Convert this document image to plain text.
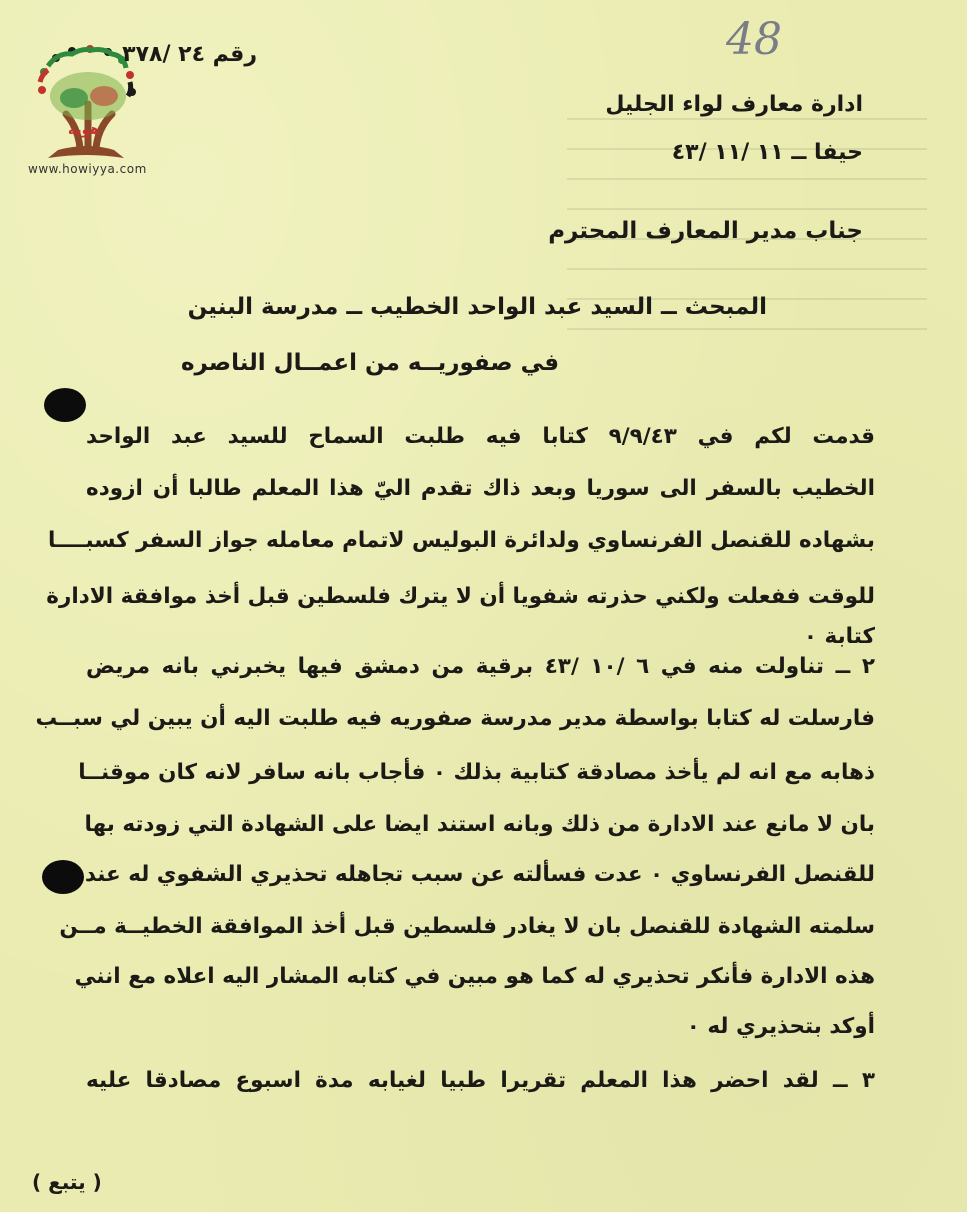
هوية
www.howiyya.com
رقم ٢٤ /٣٧٨	48
ادارة معارف لواء الجليل
حيفا ــ ١١ /١١ /٤٣
جناب مدير المعارف المحترم
المبحث ــ السيد عبد الواحد الخطيب ــ مدرسة البنين
في صفوريــه من اعمــال الناصره
قدمت لكم في ٩/٩/٤٣ كتابا فيه طلبت السماح للسيد عبد الواحد
الخطيب بالسفر الى سوريا وبعد ذاك تقدم اليّ هذا المعلم طالبا أن ازوده
بشهاده للقنصل الفرنساوي ولدائرة البوليس لاتمام معامله جواز السفر كسبــــا
للوقت ففعلت ولكني حذرته شفويا أن لا يترك فلسطين قبل أخذ موافقة الادارة
كتابة ٠
٢ ــ تناولت منه في ٦ /١٠ /٤٣ برقية من دمشق فيها يخبرني بانه مريض
فارسلت له كتابا بواسطة مدير مدرسة صفوريه فيه طلبت اليه أن يبين لي سبــب
ذهابه مع انه لم يأخذ مصادقة كتابية بذلك ٠ فأجاب بانه سافر لانه كان موقنــا
بان لا مانع عند الادارة من ذلك وبانه استند ايضا على الشهادة التي زودته بها
للقنصل الفرنساوي ٠ عدت فسألته عن سبب تجاهله تحذيري الشفوي له عند
سلمته الشهادة للقنصل بان لا يغادر فلسطين قبل أخذ الموافقة الخطيــة مــن
هذه الادارة فأنكر تحذيري له كما هو مبين في كتابه المشار اليه اعلاه مع انني
أوكد بتحذيري له ٠
٣ ــ لقد احضر هذا المعلم تقريرا طبيا لغيابه مدة اسبوع مصادقا عليه
( يتبع )
